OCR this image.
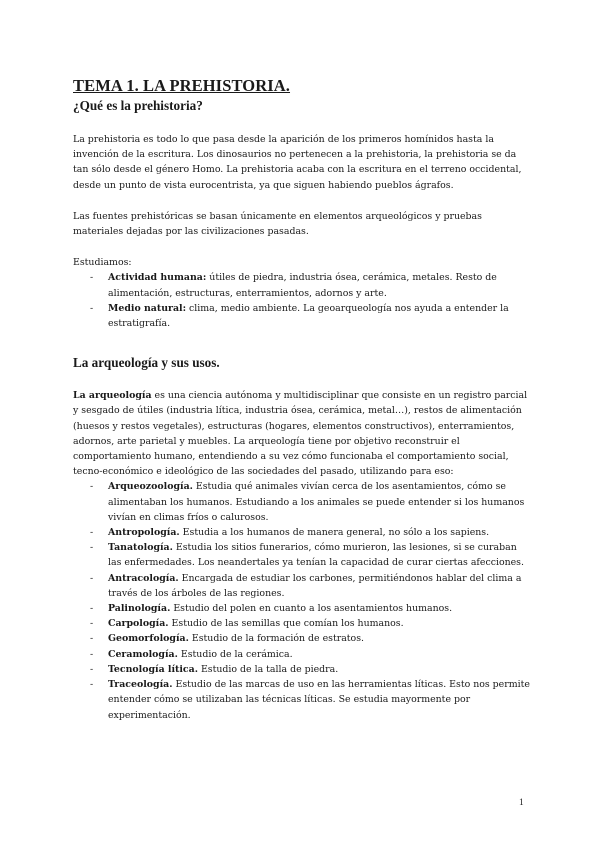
TEMA 1. LA PREHISTORIA.
¿Qué es la prehistoria?

La prehistoria es todo lo que pasa desde la aparición de los primeros homínidos hasta la invención de la escritura. Los dinosaurios no pertenecen a la prehistoria, la prehistoria se da tan sólo desde el género Homo. La prehistoria acaba con la escritura en el terreno occidental, desde un punto de vista eurocentrista, ya que siguen habiendo pueblos ágrafos.

Las fuentes prehistóricas se basan únicamente en elementos arqueológicos y pruebas materiales dejadas por las civilizaciones pasadas.

Estudiamos:

- Actividad humana: útiles de piedra, industria ósea, cerámica, metales. Resto de alimentación, estructuras, enterramientos, adornos y arte.
- Medio natural: clima, medio ambiente. La geoarqueología nos ayuda a entender la estratigrafía.
La arqueología y sus usos.

La arqueología es una ciencia autónoma y multidisciplinar que consiste en un registro parcial y sesgado de útiles (industria lítica, industria ósea, cerámica, metal…), restos de alimentación (huesos y restos vegetales), estructuras (hogares, elementos constructivos), enterramientos, adornos, arte parietal y muebles. La arqueología tiene por objetivo reconstruir el comportamiento humano, entendiendo a su vez cómo funcionaba el comportamiento social, tecno-económico e ideológico de las sociedades del pasado, utilizando para eso:

- Arqueozoología. Estudia qué animales vivían cerca de los asentamientos, cómo se alimentaban los humanos. Estudiando a los animales se puede entender si los humanos vivían en climas fríos o calurosos.
- Antropología. Estudia a los humanos de manera general, no sólo a los sapiens.
- Tanatología. Estudia los sitios funerarios, cómo murieron, las lesiones, si se curaban las enfermedades. Los neandertales ya tenían la capacidad de curar ciertas afecciones.
- Antracología. Encargada de estudiar los carbones, permitiéndonos hablar del clima a través de los árboles de las regiones.
- Palinología. Estudio del polen en cuanto a los asentamientos humanos.
- Carpología. Estudio de las semillas que comían los humanos.
- Geomorfología. Estudio de la formación de estratos.
- Ceramología. Estudio de la cerámica.
- Tecnología lítica. Estudio de la talla de piedra.
- Traceología. Estudio de las marcas de uso en las herramientas líticas. Esto nos permite entender cómo se utilizaban las técnicas líticas. Se estudia mayormente por experimentación.
1
